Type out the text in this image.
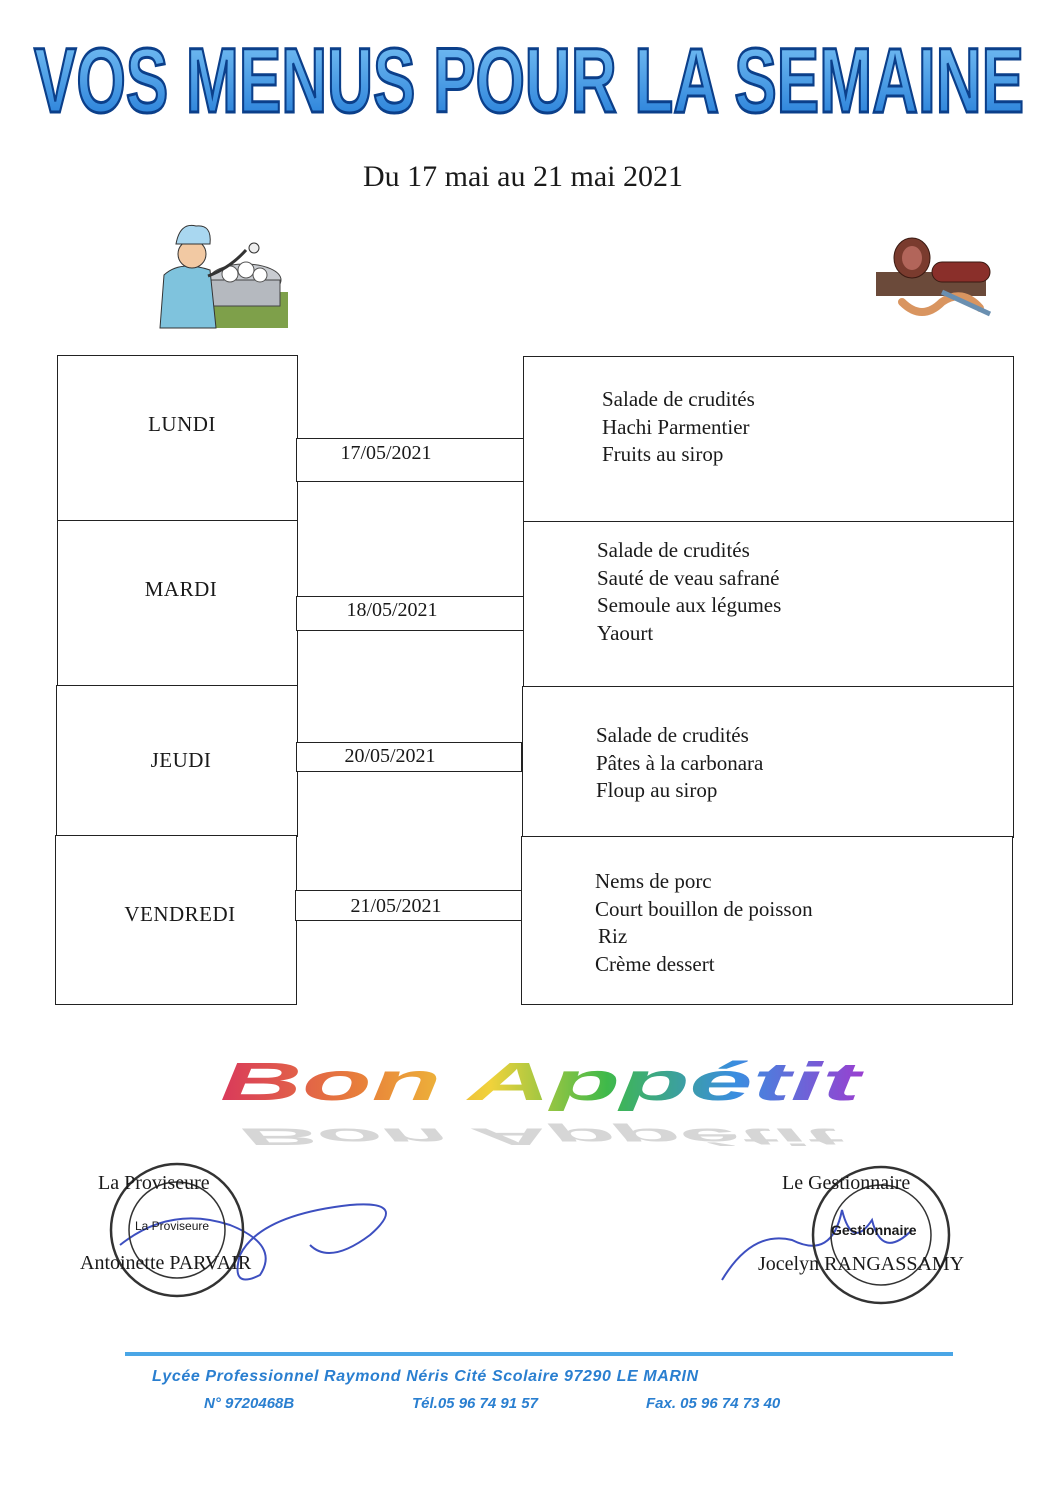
VOS MENUS POUR LA SEMAINE
Du 17 mai au 21 mai 2021
LUNDI
MARDI
JEUDI
VENDREDI
17/05/2021
18/05/2021
20/05/2021
21/05/2021
Salade de crudités
Hachi Parmentier
Fruits au sirop
Salade de crudités
Sauté de veau safrané
Semoule aux légumes
Yaourt
Salade de crudités
Pâtes à la carbonara
Floup au sirop
Nems de porc
Court bouillon de poisson
Riz
Crème dessert
Bon Appétit
Bon Appétit
La Proviseure
La Proviseure
Antoinette PARVAIR
Gestionnaire
Le Gestionnaire
Jocelyn RANGASSAMY
Lycée Professionnel Raymond Néris Cité Scolaire 97290 LE MARIN
N° 9720468B	Tél.05 96 74 91 57	Fax. 05 96 74 73 40
